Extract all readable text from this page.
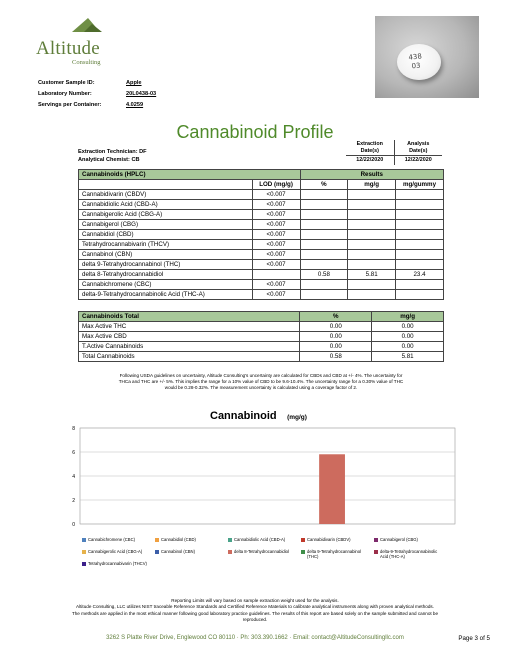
Altitude
Consulting
438
03
Customer Sample ID:	Apple
Laboratory Number:	20L0438-03
Servings per Container:	4.0259
Cannabinoid Profile
Extraction Technician: DF
Analytical Chemist: CB
Extraction
Date(s)	Analysis
Date(s)
12/22/2020	12/22/2020
Cannabinoids (HPLC)		Results		
	LOD (mg/g)	%	mg/g	mg/gummy
Cannabidivarin (CBDV)	<0.007			
Cannabidiolic Acid (CBD-A)	<0.007			
Cannabigerolic Acid (CBG-A)	<0.007			
Cannabigerol (CBG)	<0.007			
Cannabidiol (CBD)	<0.007			
Tetrahydrocannabivarin (THCV)	<0.007			
Cannabinol (CBN)	<0.007			
delta 9-Tetrahydrocannabinol (THC)	<0.007			
delta 8-Tetrahydrocannabidiol		0.58	5.81	23.4
Cannabichromene (CBC)	<0.007			
delta-9-Tetrahydrocannabinolic Acid (THC-A)	<0.007			
Cannabinoids Total	%	mg/g
Max Active THC	0.00	0.00
Max Active CBD	0.00	0.00
T.Active Cannabinoids	0.00	0.00
Total Cannabinoids	0.58	5.81
Following USDA guidelines on uncertainty, Altitude Consulting's uncertainty are calculated for CBDs and CBD at +/- 4%. The uncertainty for
THCa and THC are +/- 5%. This implies the range for a 10% value of CBD to be 9.6-10.4%. The uncertainty range for a 0.30% value of THC
would be 0.28-0.32%. The measurement uncertainty is calculated using a coverage factor of 2.
Cannabinoid (mg/g)
8
6
4
2
0
Cannabichromene (CBC)	Cannabidiol (CBD)	Cannabidiolic Acid (CBD-A)	Cannabidivarin (CBDV)	Cannabigerol (CBG)
Cannabigerolic Acid (CBG-A)	Cannabinol (CBN)	delta 8-Tetrahydrocannabidiol	delta 9-Tetrahydrocannabinol (THC)
delta-9-Tetrahydrocannabinolic Acid (THC-A)
Tetrahydrocannabivarin (THCV)
Reporting Limits will vary based on sample extraction weight used for the analysis.
Altitude Consulting, LLC utilizes NIST traceable Reference Standards and Certified Reference Materials to calibrate analytical instruments along with proven analytical methods.
The methods are applied in the most ethical manner following good laboratory practice guidelines. The results of this report are based solely on the sample submitted and cannot be
reproduced.
3262 S Platte River Drive, Englewood CO 80110 · Ph: 303.390.1662 · Email: contact@AltitudeConsultingllc.com	Page 3 of 5
